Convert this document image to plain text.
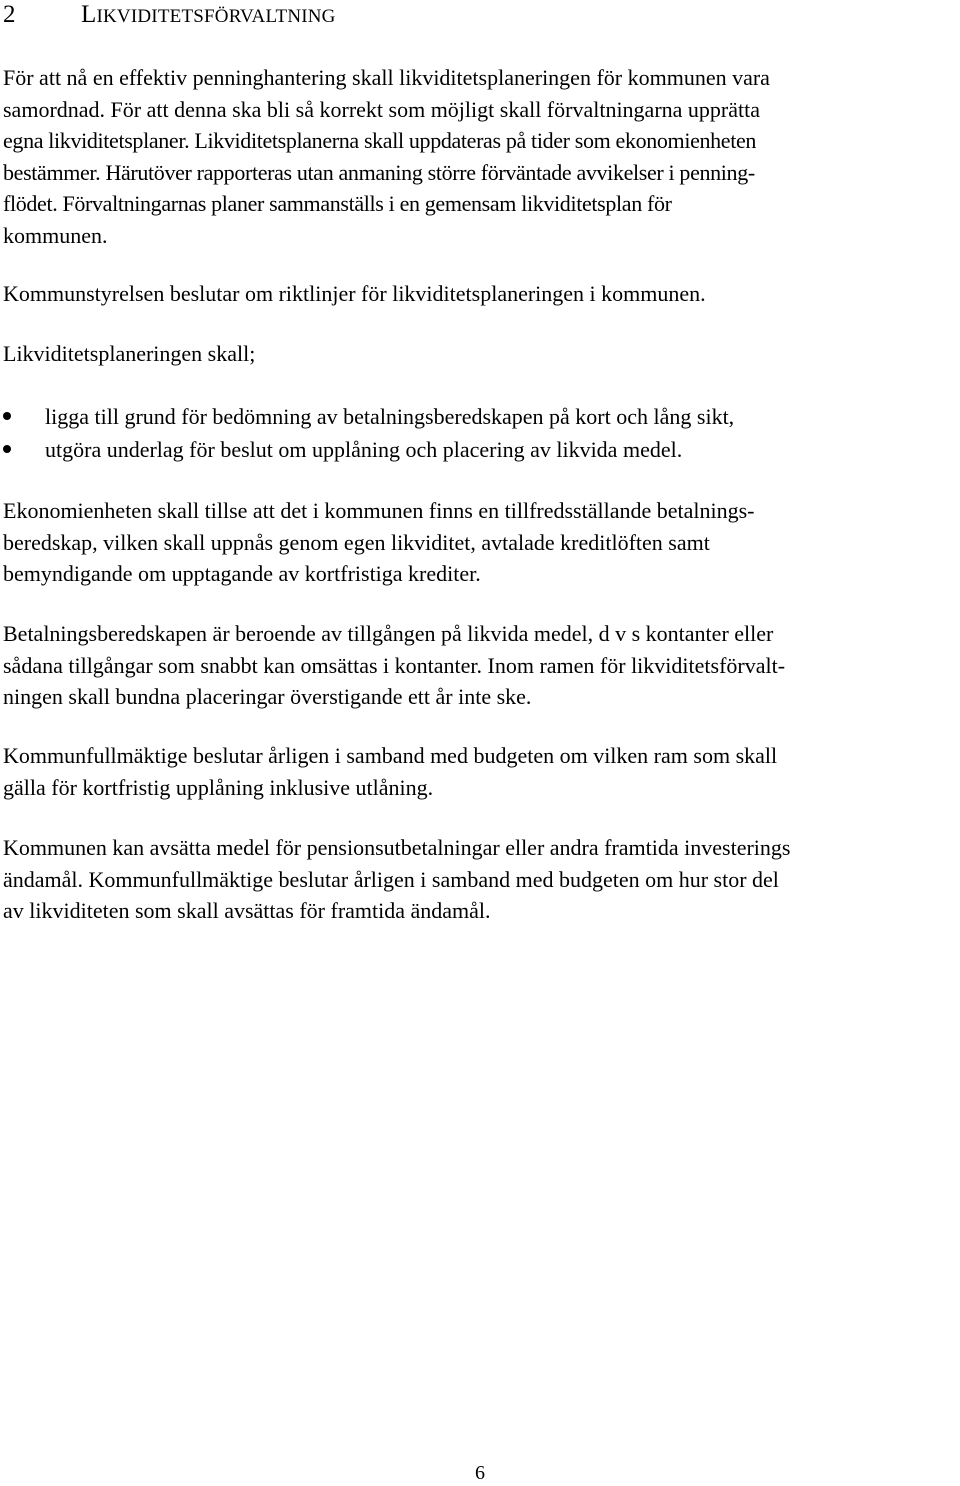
2	LIKVIDITETSFÖRVALTNING

För att nå en effektiv penninghantering skall likviditetsplaneringen för kommunen vara
samordnad. För att denna ska bli så korrekt som möjligt skall förvaltningarna upprätta
egna likviditetsplaner. Likviditetsplanerna skall uppdateras på tider som ekonomienheten
bestämmer. Härutöver rapporteras utan anmaning större förväntade avvikelser i penning-
flödet. Förvaltningarnas planer sammanställs i en gemensam likviditetsplan för
kommunen.

Kommunstyrelsen beslutar om riktlinjer för likviditetsplaneringen i kommunen.

Likviditetsplaneringen skall;

ligga till grund för bedömning av betalningsberedskapen på kort och lång sikt,
utgöra underlag för beslut om upplåning och placering av likvida medel.

Ekonomienheten skall tillse att det i kommunen finns en tillfredsställande betalnings-
beredskap, vilken skall uppnås genom egen likviditet, avtalade kreditlöften samt
bemyndigande om upptagande av kortfristiga krediter.

Betalningsberedskapen är beroende av tillgången på likvida medel, d v s kontanter eller
sådana tillgångar som snabbt kan omsättas i kontanter. Inom ramen för likviditetsförvalt-
ningen skall bundna placeringar överstigande ett år inte ske.

Kommunfullmäktige beslutar årligen i samband med budgeten om vilken ram som skall
gälla för kortfristig upplåning inklusive utlåning.

Kommunen kan avsätta medel för pensionsutbetalningar eller andra framtida investerings
ändamål. Kommunfullmäktige beslutar årligen i samband med budgeten om hur stor del
av likviditeten som skall avsättas för framtida ändamål.

6
